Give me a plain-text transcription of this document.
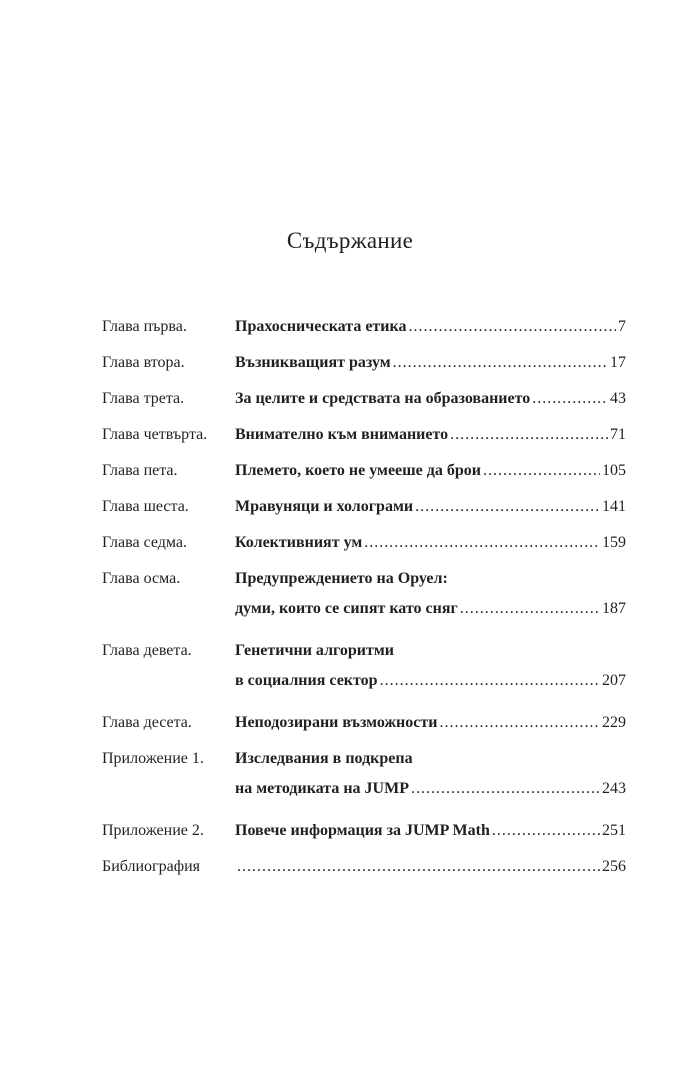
Съдържание
Глава първа.	Прахосническата етика .....	7
Глава втора.	Възникващият разум .....	17
Глава трета.	За целите и средствата на образованието .....	43
Глава четвърта.	Внимателно към вниманието .....	71
Глава пета.	Племето, което не умееше да брои .....	105
Глава шеста.	Мравуняци и холограми .....	141
Глава седма.	Колективният ум .....	159
Глава осма.	Предупреждението на Оруел:
думи, които се сипят като сняг .....	187
Глава девета.	Генетични алгоритми
в социалния сектор .....	207
Глава десета.	Неподозирани възможности .....	229
Приложение 1.	Изследвания в подкрепа
на методиката на JUMP .....	243
Приложение 2.	Повече информация за JUMP Math .....	251
Библиография .....	256
